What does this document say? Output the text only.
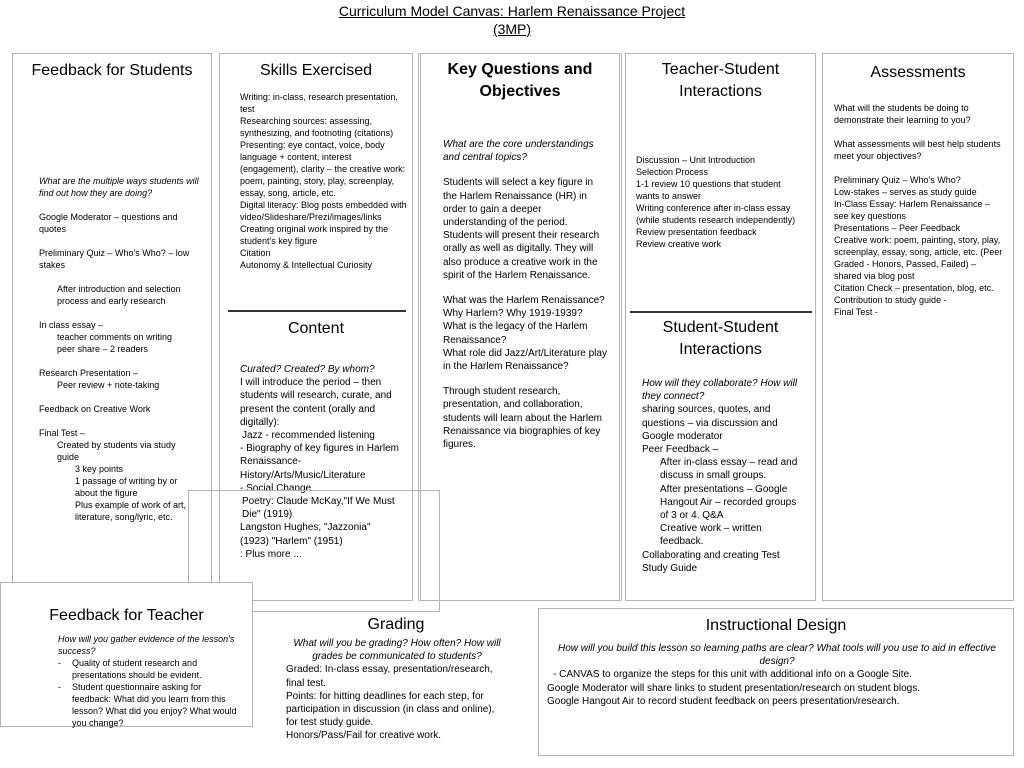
Curriculum Model Canvas: Harlem Renaissance Project
(3MP)
Feedback for Students

What are the multiple ways students will find out how they are doing?

Google Moderator – questions and quotes

Preliminary Quiz – Who's Who? – low stakes

After introduction and selection process and early research

In class essay –

teacher comments on writing

peer share – 2 readers

Research Presentation –

Peer review + note-taking

Feedback on Creative Work

Final Test –

Created by students via study guide

3 key points

1 passage of writing by or about the figure

Plus example of work of art, literature, song/lyric, etc.

Skills Exercised

Writing: in-class, research presentation, test

Researching sources: assessing, synthesizing, and footnoting (citations)

Presenting: eye contact, voice, body language + content, interest (engagement), clarity – the creative work: poem, painting, story, play, screenplay, essay, song, article, etc.

Digital literacy: Blog posts embedded with video/Slideshare/Prezi/images/links

Creating original work inspired by the student's key figure

Citation

Autonomy & Intellectual Curiosity

Content

Curated? Created? By whom?

I will introduce the period – then students will research, curate, and present the content (orally and digitally):

Jazz - recommended listening

- Biography of key figures in Harlem Renaissance- History/Arts/Music/Literature

- Social Change

Poetry: Claude McKay,"If We Must Die" (1919)

Langston Hughes, "Jazzonia" (1923) "Harlem" (1951)

: Plus more ...

Key Questions and
Objectives

What are the core understandings and central topics?

Students will select a key figure in the Harlem Renaissance (HR) in order to gain a deeper understanding of the period. Students will present their research orally as well as digitally. They will also produce a creative work in the spirit of the Harlem Renaissance.

What was the Harlem Renaissance? Why Harlem? Why 1919-1939?

What is the legacy of the Harlem Renaissance?

What role did Jazz/Art/Literature play in the Harlem Renaissance?

Through student research, presentation, and collaboration, students will learn about the Harlem Renaissance via biographies of key figures.

Teacher-Student
Interactions

Discussion – Unit Introduction

Selection Process

1-1 review 10 questions that student wants to answer

Writing conference after in-class essay (while students research independently)

Review presentation feedback

Review creative work

Student-Student
Interactions

How will they collaborate? How will they connect?

sharing sources, quotes, and questions – via discussion and Google moderator

Peer Feedback –

After in-class essay – read and discuss in small groups.

After presentations – Google Hangout Air – recorded groups of 3 or 4. Q&A

Creative work – written feedback.

Collaborating and creating Test Study Guide

Assessments

What will the students be doing to demonstrate their learning to you?

What assessments will best help students meet your objectives?

Preliminary Quiz – Who's Who?

Low-stakes – serves as study guide

In-Class Essay: Harlem Renaissance – see key questions

Presentations – Peer Feedback

Creative work: poem, painting, story, play, screenplay, essay, song, article, etc. (Peer Graded - Honors, Passed, Failed) – shared via blog post

Citation Check – presentation, blog, etc.

Contribution to study guide -

Final Test -

Feedback for Teacher

How will you gather evidence of the lesson's success?

-	Quality of student research and presentations should be evident.
-	Student questionnaire asking for feedback: What did you learn from this lesson? What did you enjoy? What would you change?
Grading

What will you be grading? How often? How will grades be communicated to students?

Graded: In-class essay, presentation/research, final test.

Points: for hitting deadlines for each step, for participation in discussion (in class and online), for test study guide.

Honors/Pass/Fail for creative work.

Instructional Design

How will you build this lesson so learning paths are clear? What tools will you use to aid in effective design?

- CANVAS to organize the steps for this unit with additional info on a Google Site.

Google Moderator will share links to student presentation/research on student blogs.

Google Hangout Air to record student feedback on peers presentation/research.
